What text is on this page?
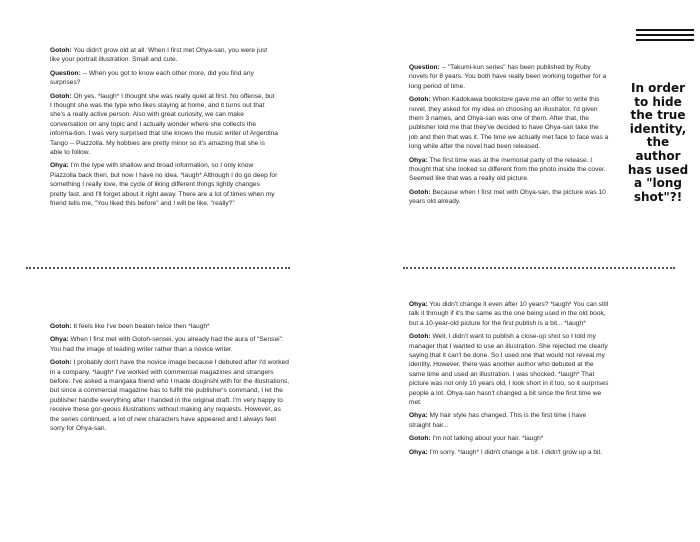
Gotoh: You didn't grow old at all. When I first met Ohya-san, you were just like your portrait illustration. Small and cute.

Question: -- When you got to know each other more, did you find any surprises?

Gotoh: Oh yes. *laugh* I thought she was really quiet at first. No offense, but I thought she was the type who likes staying at home, and it turns out that she's a really active person. Also with great curiosity, we can make conversation on any topic and I actually wonder where she collects the informa-tion. I was very surprised that she knows the music writer of Argentina Tango -- Piazzolla. My hobbies are pretty minor so it's amazing that she is able to follow.

Ohya: I'm the type with shallow and broad information, so I only know Piazzolla back then, but now I have no idea. *laugh* Although I do go deep for something I really love, the cycle of liking different things lightly changes pretty fast, and I'll forget about it right away. There are a lot of times when my friend tells me, "You liked this before" and I will be like, "really?"

Question: -- "Takumi-kun series" has been published by Ruby novels for 8 years. You both have really been working together for a long period of time.

Gotoh: When Kadokawa bookstore gave me an offer to write this novel, they asked for my idea on choosing an illustrator. I'd given them 3 names, and Ohya-san was one of them. After that, the publisher told me that they've decided to have Ohya-san take the job and then that was it. The time we actually met face to face was a long while after the novel had been released.

Ohya: The first time was at the memorial party of the release. I thought that she looked so different from the photo inside the cover. Seemed like that was a really old picture.

Gotoh: Because when I first met with Ohya-san, the picture was 10 years old already.

In order
to hide
the true
identity,
the
author
has used
a "long
shot"?!

Gotoh: It feels like I've been beaten twice then *laugh*

Ohya: When I first met with Gotoh-sensei, you already had the aura of "Sensei". You had the image of leading writer rather than a novice writer.

Gotoh: I probably don't have the novice image because I debuted after I'd worked in a company. *laugh* I've worked with commercial magazines and strangers before. I've asked a mangaka friend who I made doujinshi with for the illustrations, but since a commercial magazine has to fulfill the publisher's command, I let the publisher handle everything after I handed in the original draft. I'm very happy to receive these gor-geous illustrations without making any requests. However, as the series continued, a lot of new characters have appeared and I always feel sorry for Ohya-san.

Ohya: You didn't change it even after 10 years? *laugh* You can still talk it through if it's the same as the one being used in the old book, but a 10-year-old picture for the first publish is a bit... *laugh*

Gotoh: Well, I didn't want to publish a close-up shot so I told my manager that I wanted to use an illustration. She rejected me clearly saying that it can't be done. So I used one that would not reveal my identity. However, there was another author who debuted at the same time and used an illustration. I was shocked. *laugh* That picture was not only 10 years old, I look short in it too, so it surprises people a lot. Ohya-san hasn't changed a bit since the first time we met.

Ohya: My hair style has changed. This is the first time I have straight hair...

Gotoh: I'm not talking about your hair. *laugh*

Ohya: I'm sorry. *laugh* I didn't change a bit. I didn't grow up a bit.
